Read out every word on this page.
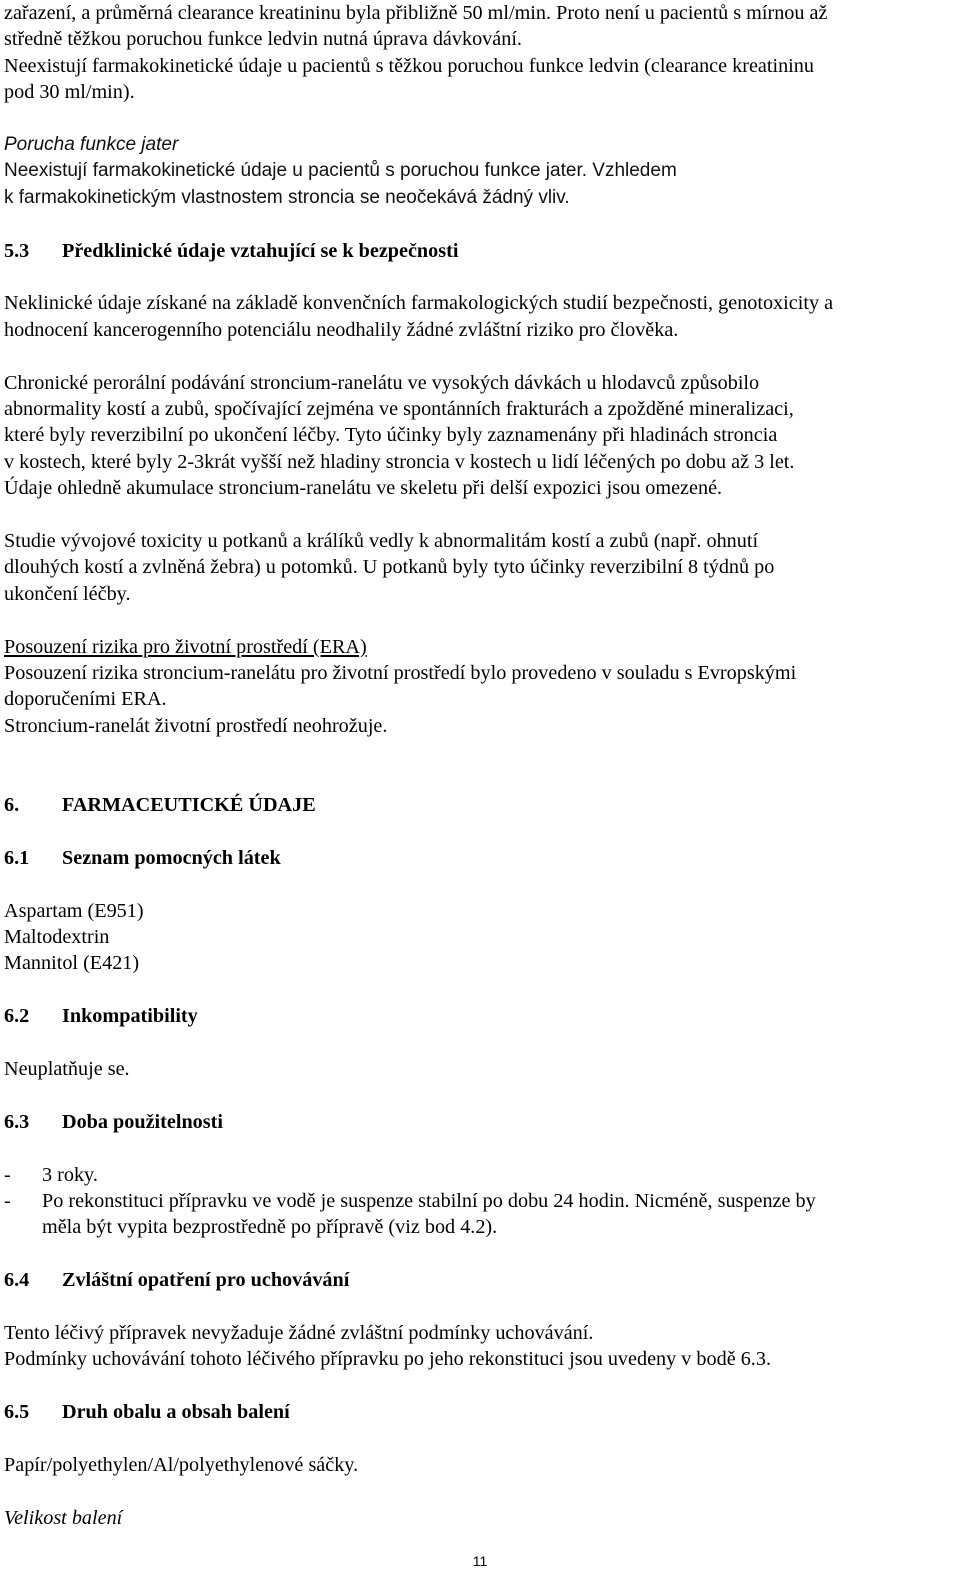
zařazení, a průměrná clearance kreatininu byla přibližně 50 ml/min. Proto není u pacientů s mírnou až

středně těžkou poruchou funkce ledvin nutná úprava dávkování.

Neexistují farmakokinetické údaje u pacientů s těžkou poruchou funkce ledvin (clearance kreatininu

pod 30 ml/min).

Porucha funkce jater

Neexistují farmakokinetické údaje u pacientů s poruchou funkce jater. Vzhledem

k farmakokinetickým vlastnostem stroncia se neočekává žádný vliv.

5.3	Předklinické údaje vztahující se k bezpečnosti

Neklinické údaje získané na základě konvenčních farmakologických studií bezpečnosti, genotoxicity a

hodnocení kancerogenního potenciálu neodhalily žádné zvláštní riziko pro člověka.

Chronické perorální podávání stroncium-ranelátu ve vysokých dávkách u hlodavců způsobilo

abnormality kostí a zubů, spočívající zejména ve spontánních frakturách a zpožděné mineralizaci,

které byly reverzibilní po ukončení léčby. Tyto účinky byly zaznamenány při hladinách stroncia

v kostech, které byly 2-3krát vyšší než hladiny stroncia v kostech u lidí léčených po dobu až 3 let.

Údaje ohledně akumulace stroncium-ranelátu ve skeletu při delší expozici jsou omezené.

Studie vývojové toxicity u potkanů a králíků vedly k abnormalitám kostí a zubů (např. ohnutí

dlouhých kostí a zvlněná žebra) u potomků. U potkanů byly tyto účinky reverzibilní 8 týdnů po

ukončení léčby.

Posouzení rizika pro životní prostředí (ERA)

Posouzení rizika stroncium-ranelátu pro životní prostředí bylo provedeno v souladu s Evropskými

doporučeními ERA.

Stroncium-ranelát životní prostředí neohrožuje.

6.	FARMACEUTICKÉ ÚDAJE
6.1	Seznam pomocných látek

Aspartam (E951)

Maltodextrin

Mannitol (E421)

6.2	Inkompatibility

Neuplatňuje se.

6.3	Doba použitelnosti
-	3 roky.
-	Po rekonstituci přípravku ve vodě je suspenze stabilní po dobu 24 hodin. Nicméně, suspenze by

měla být vypita bezprostředně po přípravě (viz bod 4.2).

6.4	Zvláštní opatření pro uchovávání

Tento léčivý přípravek nevyžaduje žádné zvláštní podmínky uchovávání.

Podmínky uchovávání tohoto léčivého přípravku po jeho rekonstituci jsou uvedeny v bodě 6.3.

6.5	Druh obalu a obsah balení

Papír/polyethylen/Al/polyethylenové sáčky.

Velikost balení

11
